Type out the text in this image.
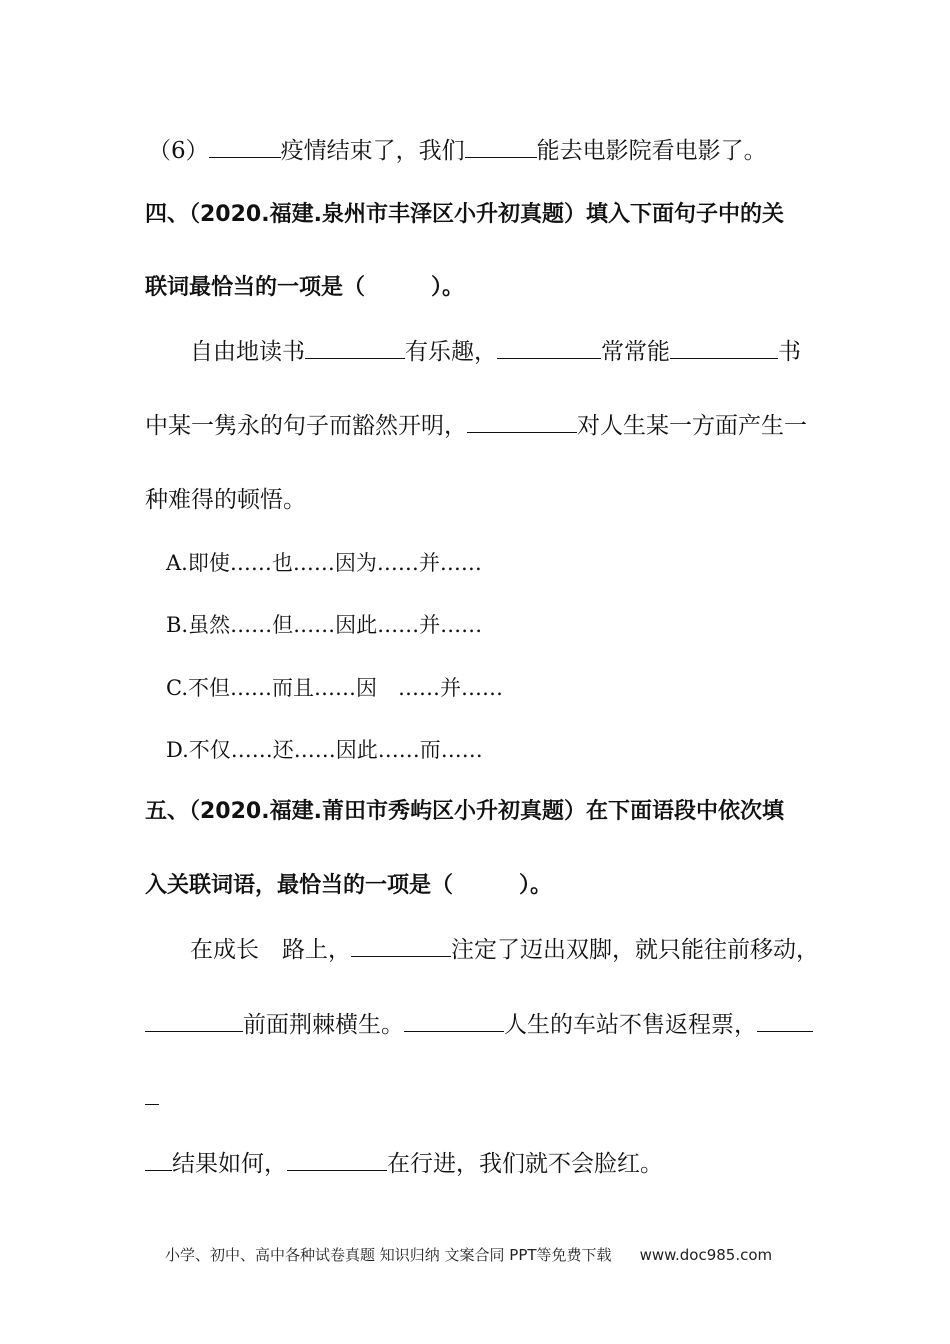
（6）	疫情结束了，我们	能去电影院看电影了。
四、（2020.福建.泉州市丰泽区小升初真题）填入下面句子中的关
联词最恰当的一项是（　　　）。
自由地读书	有乐趣，	常常能	书
中某一隽永的句子而豁然开明，	对人生某一方面产生一
种难得的顿悟。
A.即使……也……因为……并……
B.虽然……但……因此……并……
C.不但……而且……因　……并……
D.不仅……还……因此……而……
五、（2020.福建.莆田市秀屿区小升初真题）在下面语段中依次填
入关联词语，最恰当的一项是（　　　）。
在成长　路上，	注定了迈出双脚，就只能往前移动，
前面荆棘横生。	人生的车站不售返程票，
结果如何，	在行进，我们就不会脸红。
小学、初中、高中各种试卷真题 知识归纳 文案合同 PPT等免费下载 www.doc985.com
